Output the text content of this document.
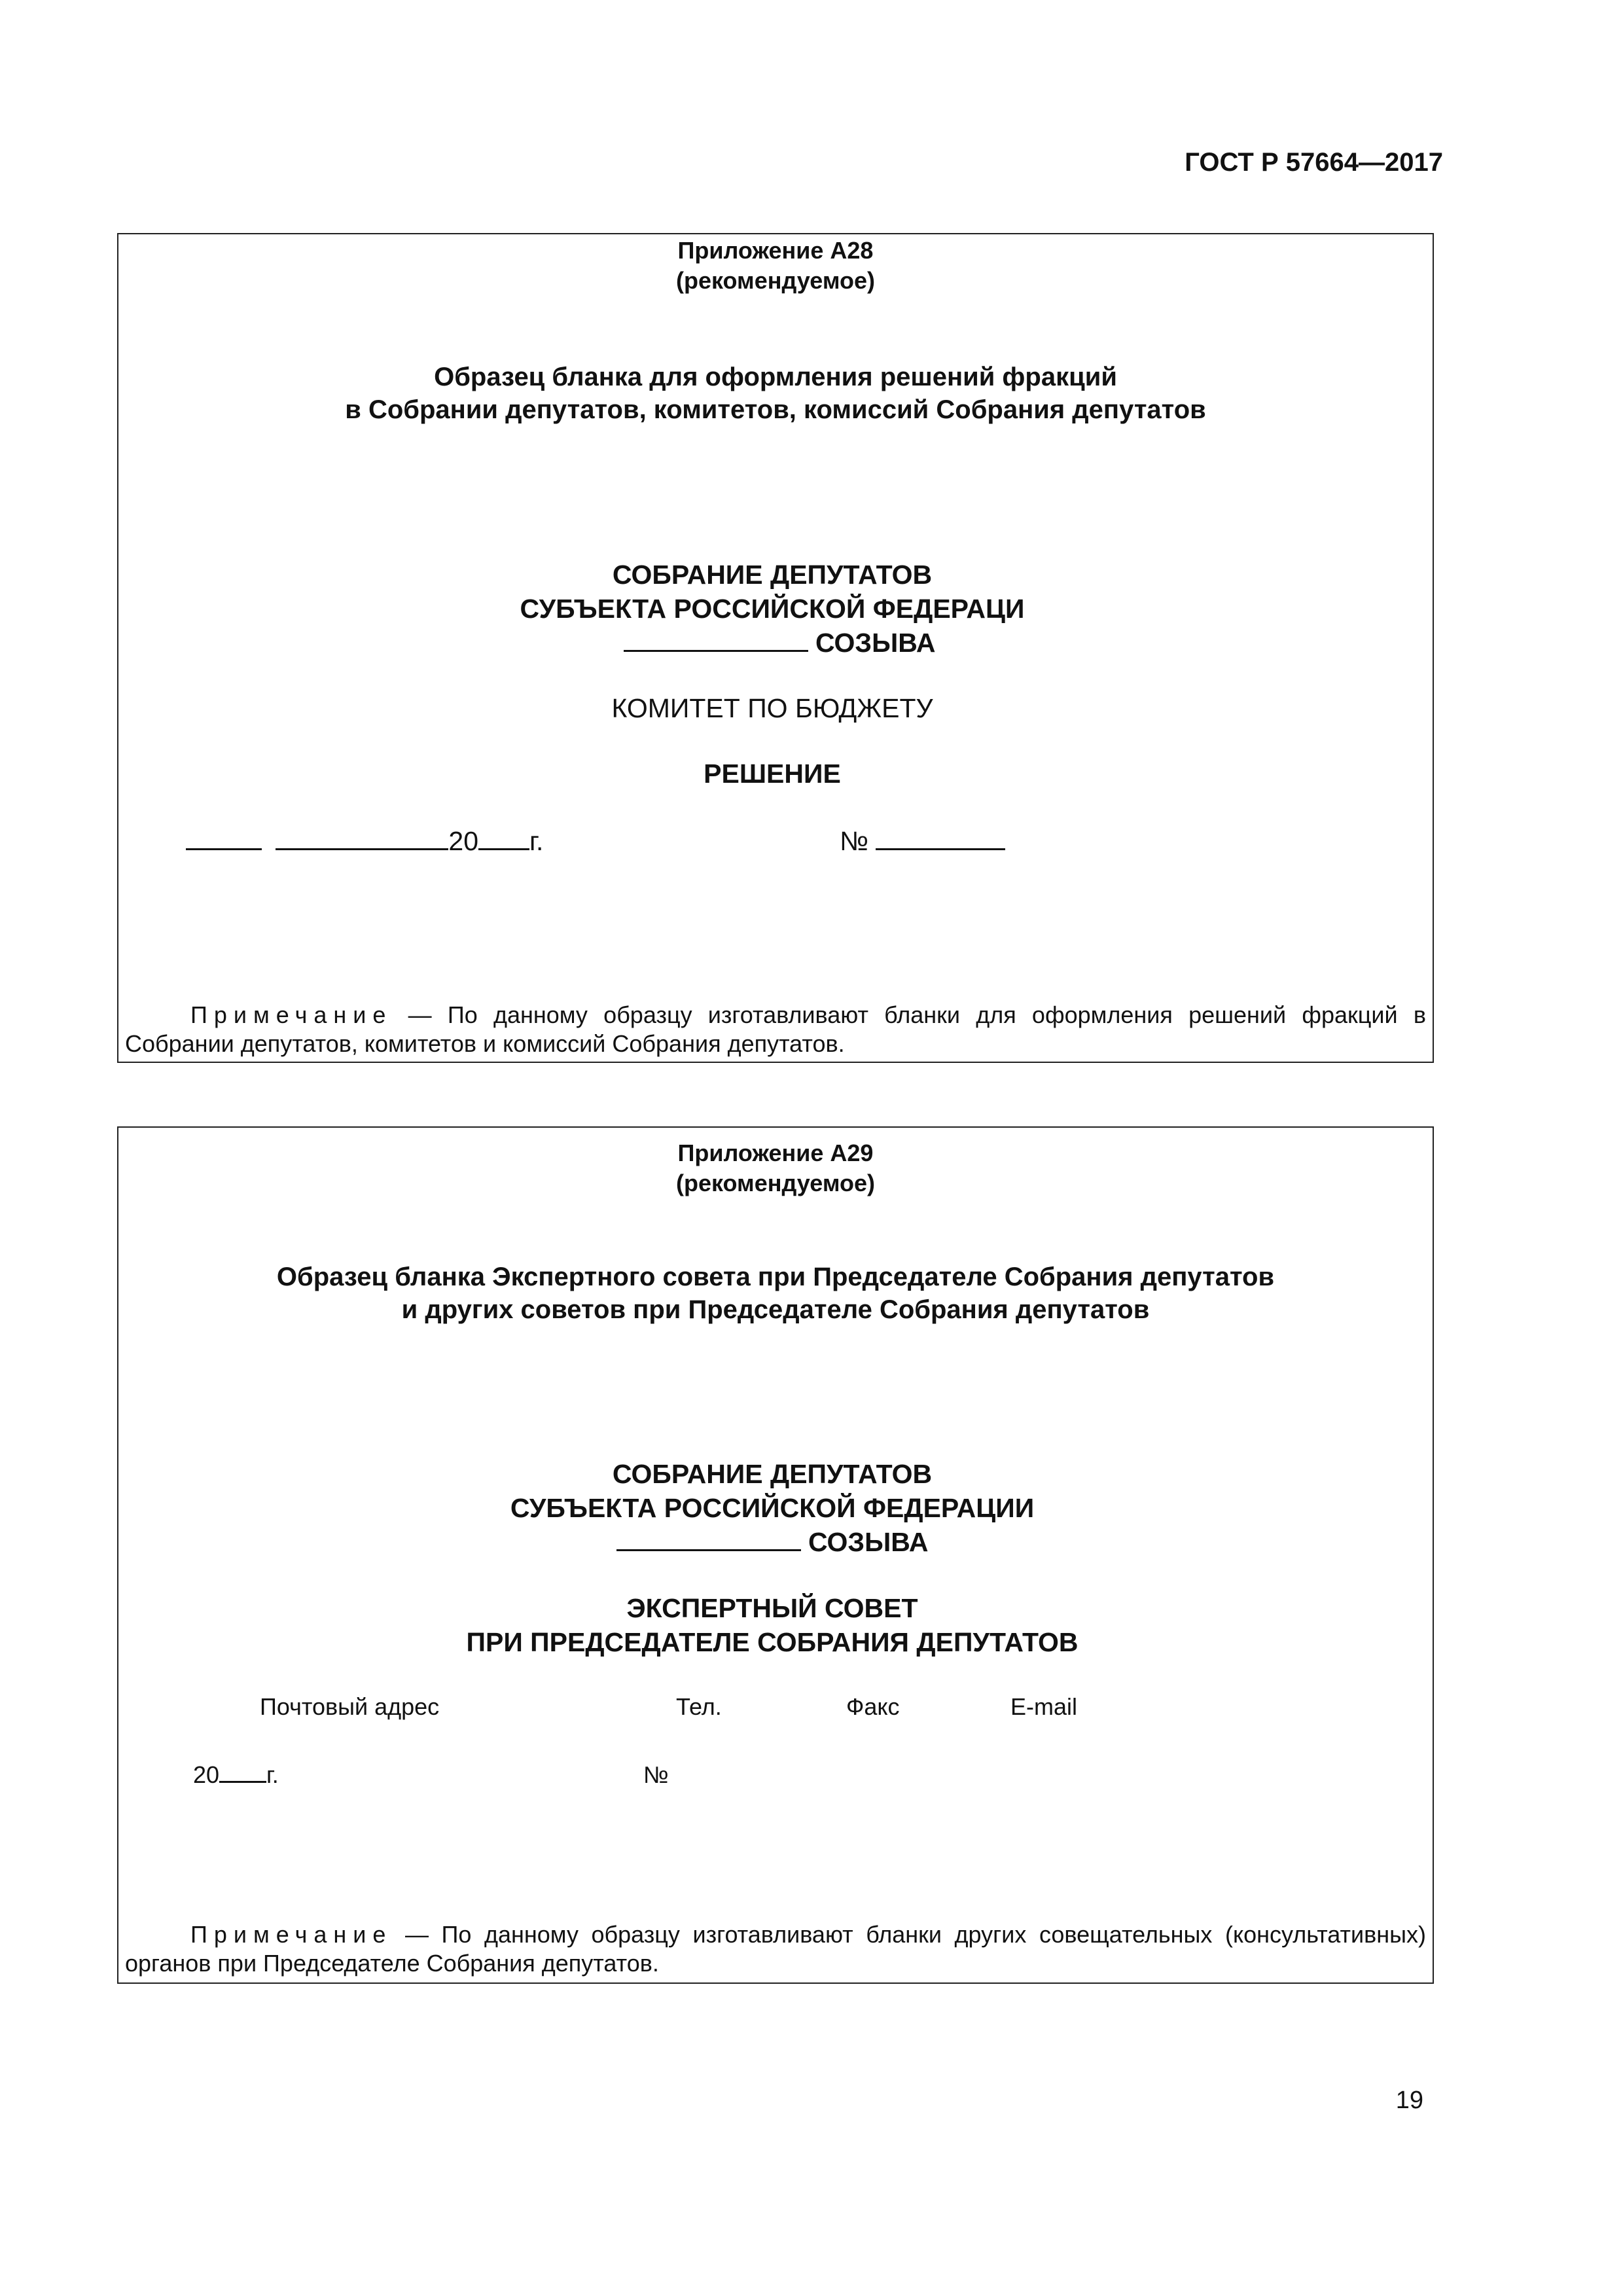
ГОСТ Р 57664—2017
Приложение А28
(рекомендуемое)
Образец бланка для оформления решений фракций
в Собрании депутатов, комитетов, комиссий Собрания депутатов
СОБРАНИЕ ДЕПУТАТОВ
СУБЪЕКТА РОССИЙСКОЙ ФЕДЕРАЦИ
СОЗЫВА
КОМИТЕТ ПО БЮДЖЕТУ
РЕШЕНИЕ
20 г.	№
Примечание — По данному образцу изготавливают бланки для оформления решений фракций в Собрании депутатов, комитетов и комиссий Собрания депутатов.
Приложение А29
(рекомендуемое)
Образец бланка Экспертного совета при Председателе Собрания депутатов
и других советов при Председателе Собрания депутатов
СОБРАНИЕ ДЕПУТАТОВ
СУБЪЕКТА РОССИЙСКОЙ ФЕДЕРАЦИИ
СОЗЫВА
ЭКСПЕРТНЫЙ СОВЕТ
ПРИ ПРЕДСЕДАТЕЛЕ СОБРАНИЯ ДЕПУТАТОВ
Почтовый адрес	Тел.	Факс	E-mail
20 г.	№
Примечание — По данному образцу изготавливают бланки других совещательных (консультативных) органов при Председателе Собрания депутатов.
19
